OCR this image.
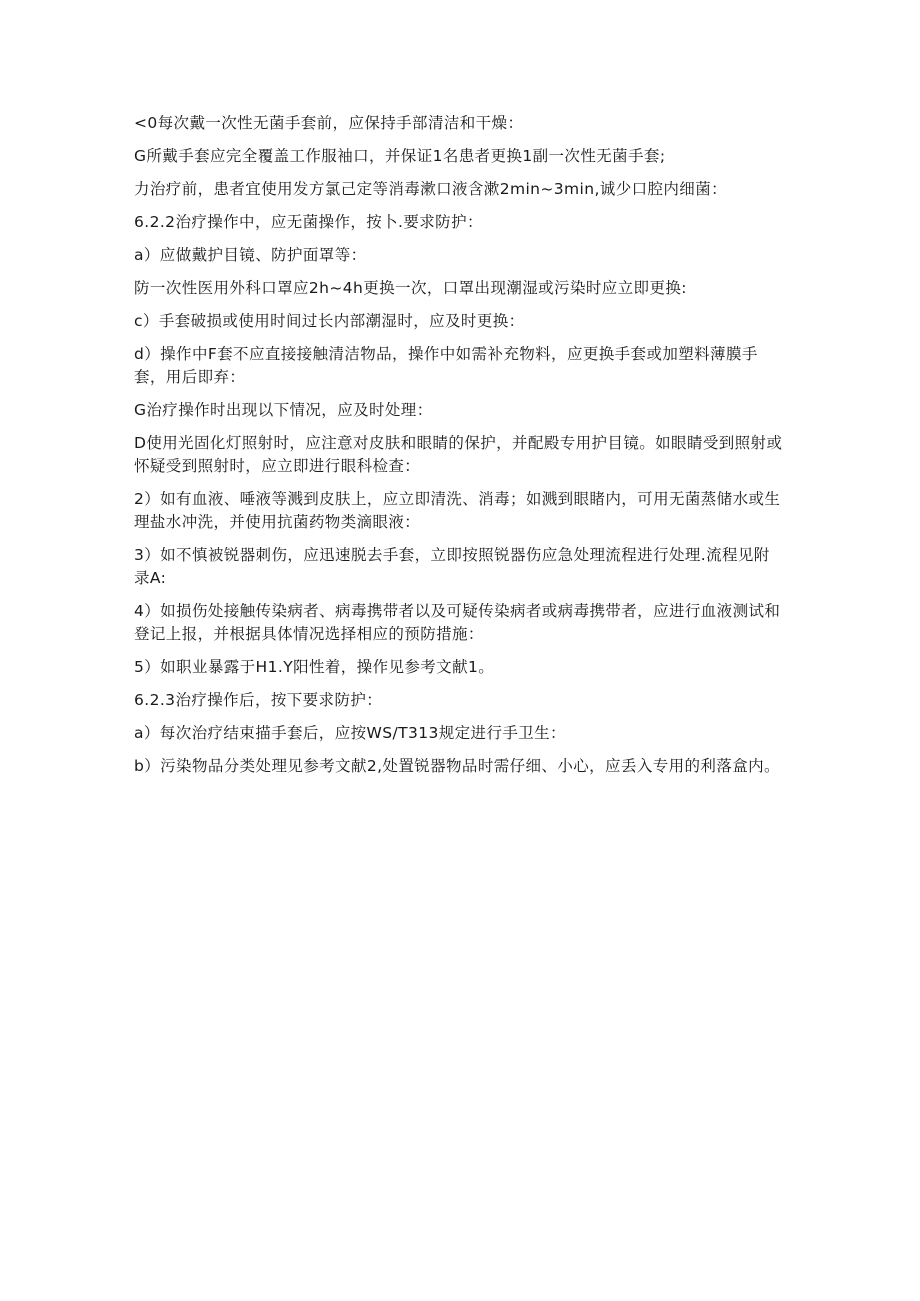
<0每次戴一次性无菌手套前，应保持手部清洁和干燥：

G所戴手套应完全覆盖工作服袖口，并保证1名患者更换1副一次性无菌手套;

力治疗前，患者宜使用发方氯己定等消毒漱口液含漱2min~3min,诚少口腔内细菌：

6.2.2治疗操作中，应无菌操作，按卜.要求防护：

a）应做戴护目镜、防护面罩等：

防一次性医用外科口罩应2h~4h更换一次，口罩出现潮湿或污染时应立即更换:

c）手套破损或使用时间过长内部潮湿时，应及时更换：

d）操作中F套不应直接接触清洁物品，操作中如需补充物料，应更换手套或加塑料薄膜手套，用后即弃：

G治疗操作时出现以下情况，应及时处理：

D使用光固化灯照射时，应注意对皮肤和眼睛的保护，并配殿专用护目镜。如眼睛受到照射或怀疑受到照射时，应立即进行眼科检查：

2）如有血液、唾液等溅到皮肤上，应立即清洗、消毒；如溅到眼睹内，可用无菌蒸储水或生理盐水冲洗，并使用抗菌药物类滴眼液：

3）如不慎被锐器刺伤，应迅速脱去手套，立即按照锐器伤应急处理流程进行处理.流程见附录A:

4）如损伤处接触传染病者、病毒携带者以及可疑传染病者或病毒携带者，应进行血液测试和登记上报，并根据具体情况选择相应的预防措施：

5）如职业暴露于H1.Y阳性着，操作见参考文献1。

6.2.3治疗操作后，按下要求防护：

a）每次治疗结束描手套后，应按WS/T313规定进行手卫生：

b）污染物品分类处理见参考文献2,处置锐器物品时需仔细、小心，应丢入专用的利落盒内。
